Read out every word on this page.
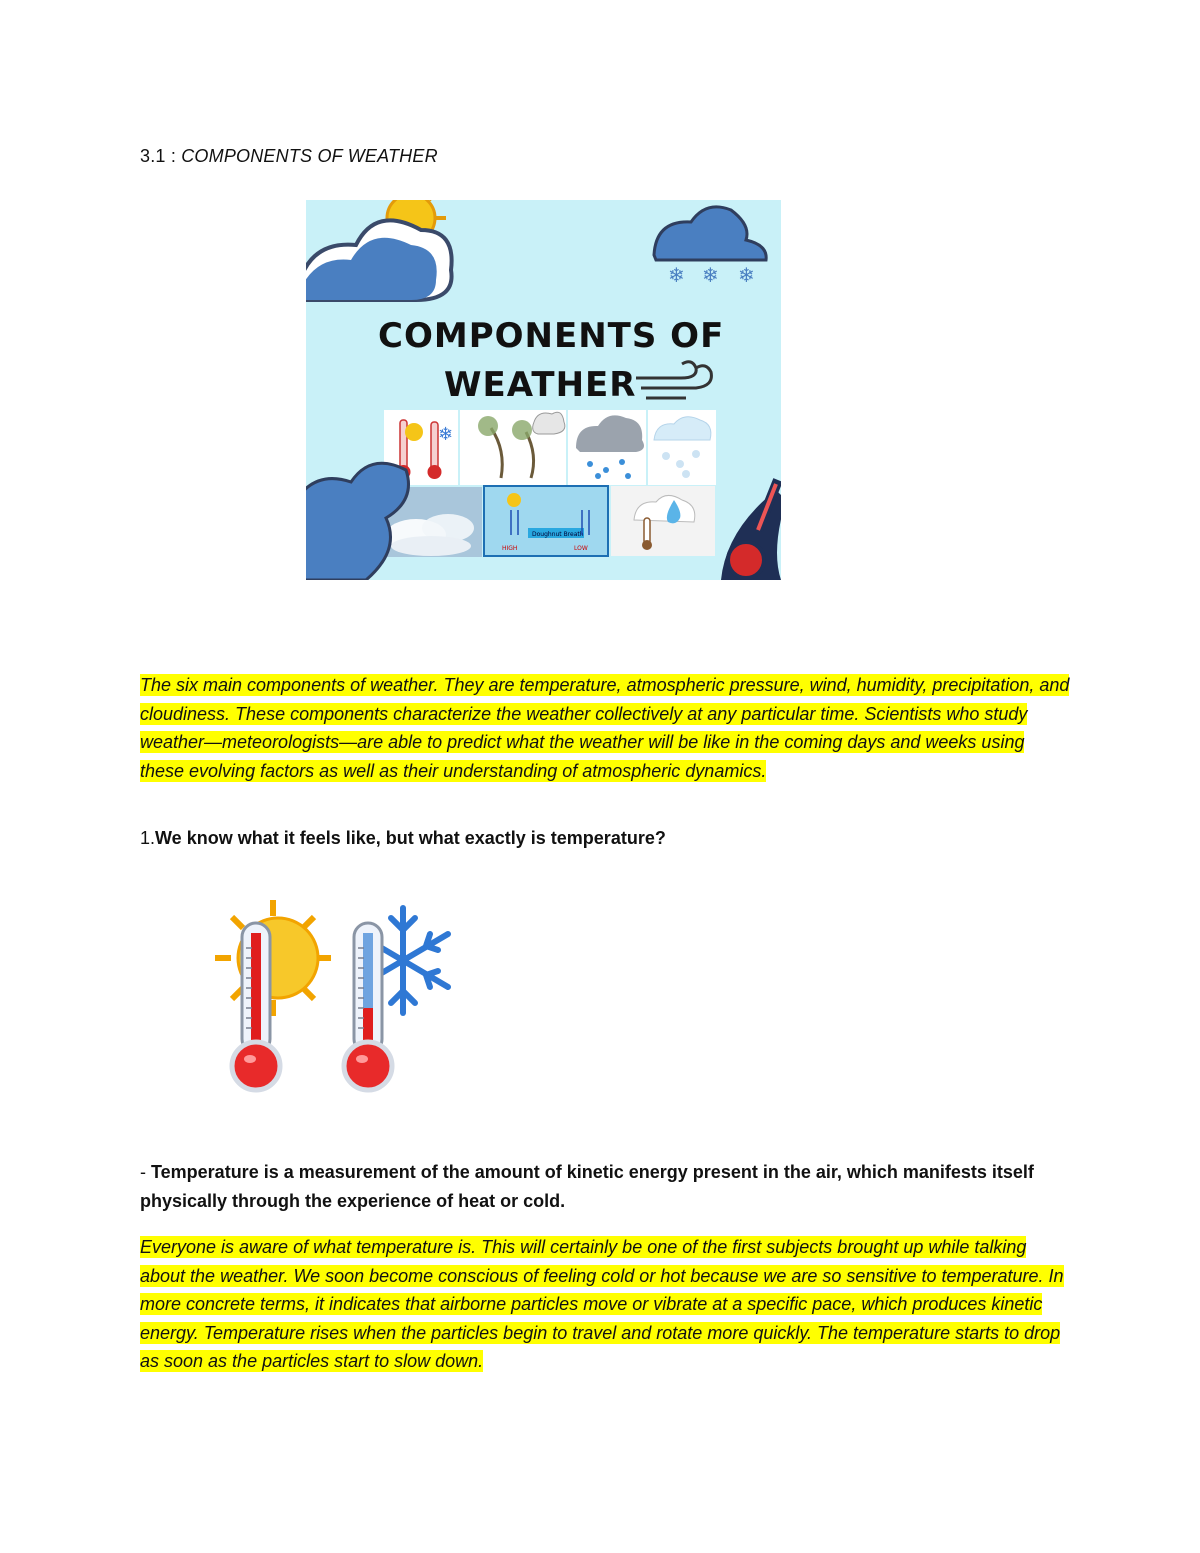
3.1 : COMPONENTS OF WEATHER
❄ ❄ ❄
COMPONENTS OF
WEATHER
❄
Doughnut Breath
HIGH	LOW
The six main components of weather. They are temperature, atmospheric pressure, wind, humidity, precipitation, and cloudiness. These components characterize the weather collectively at any particular time. Scientists who study weather—meteorologists—are able to predict what the weather will be like in the coming days and weeks using these evolving factors as well as their understanding of atmospheric dynamics.
1.We know what it feels like, but what exactly is temperature?
- Temperature is a measurement of the amount of kinetic energy present in the air, which manifests itself physically through the experience of heat or cold.
Everyone is aware of what temperature is. This will certainly be one of the first subjects brought up while talking about the weather. We soon become conscious of feeling cold or hot because we are so sensitive to temperature. In more concrete terms, it indicates that airborne particles move or vibrate at a specific pace, which produces kinetic energy. Temperature rises when the particles begin to travel and rotate more quickly. The temperature starts to drop as soon as the particles start to slow down.
